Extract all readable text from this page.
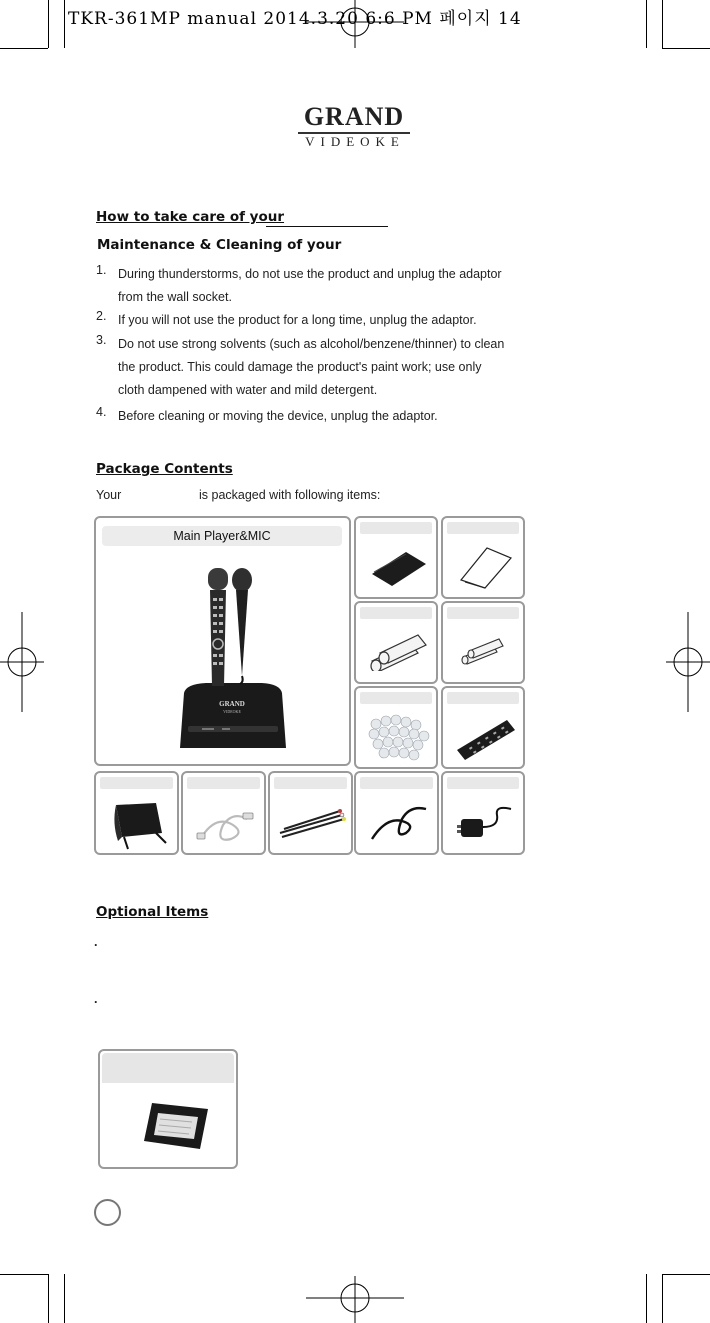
TKR-361MP manual 2014.3.20 6:6 PM 페이지 14
GRAND
VIDEOKE
How to take care of your
Maintenance & Cleaning of your
1. During thunderstorms, do not use the product and unplug the adaptor from the wall socket.
2. If you will not use the product for a long time, unplug the adaptor.
3. Do not use strong solvents (such as alcohol/benzene/thinner) to clean the product. This could damage the product's paint work; use only cloth dampened with water and mild detergent.
4. Before cleaning or moving the device, unplug the adaptor.
Package Contents
Your	is packaged with following items:
Main Player&MIC
GRAND
VIDEOKE
Optional Items
.
.
